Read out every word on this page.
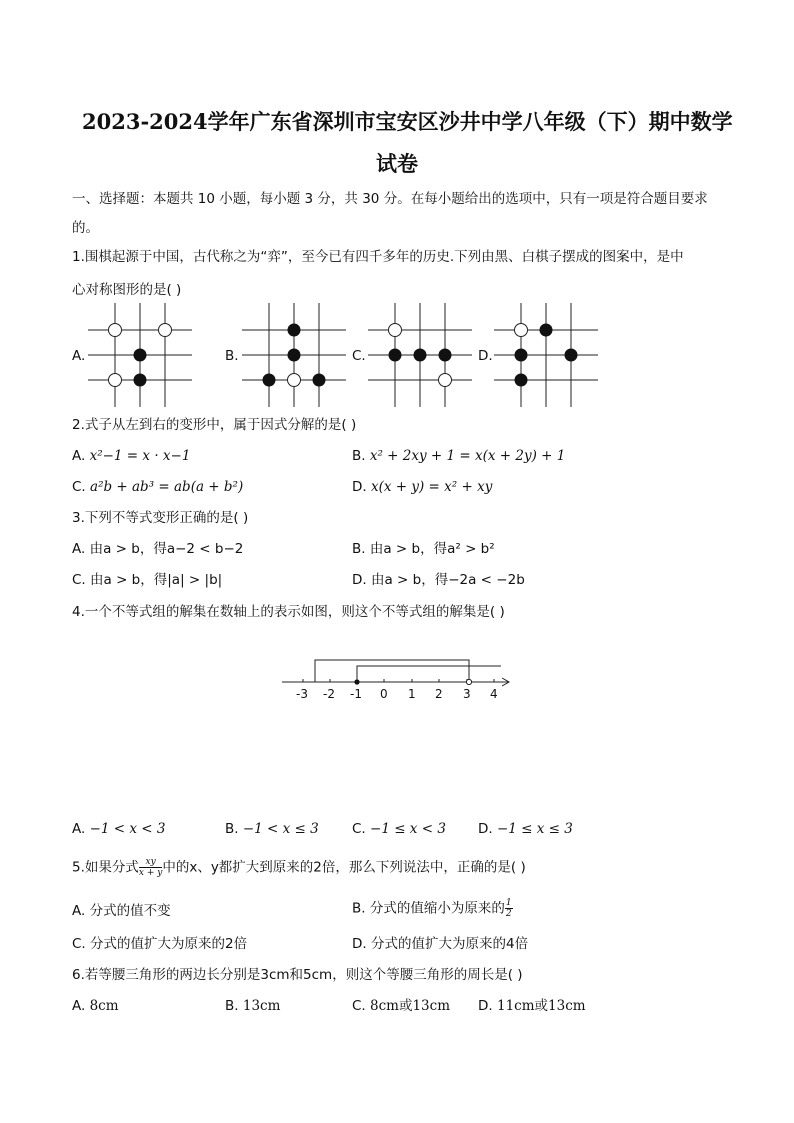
2023-2024学年广东省深圳市宝安区沙井中学八年级（下）期中数学
试卷
一、选择题：本题共 10 小题，每小题 3 分，共 30 分。在每小题给出的选项中，只有一项是符合题目要求
的。
1.围棋起源于中国，古代称之为“弈”，至今已有四千多年的历史.下列由黑、白棋子摆成的图案中，是中
心对称图形的是( )
A.	B.	C.	D.
2.式子从左到右的变形中，属于因式分解的是( )
A. x²−1 = x · x−1	B. x² + 2xy + 1 = x(x + 2y) + 1
C. a²b + ab³ = ab(a + b²)	D. x(x + y) = x² + xy
3.下列不等式变形正确的是( )
A. 由a > b，得a−2 < b−2	B. 由a > b，得a² > b²
C. 由a > b，得|a| > |b|	D. 由a > b，得−2a < −2b
4.一个不等式组的解集在数轴上的表示如图，则这个不等式组的解集是( )
-3 -2 -1 0 1 2 3 4
A. −1 < x < 3	B. −1 < x ≤ 3 C. −1 ≤ x < 3 D. −1 ≤ x ≤ 3
5.如果分式 $\frac{xy}{x + y}$ 中的x、y都扩大到原来的2倍，那么下列说法中，正确的是( )
A. 分式的值不变	B. 分式的值缩小为原来的 $\frac{1}{2}$
C. 分式的值扩大为原来的2倍	D. 分式的值扩大为原来的4倍
6.若等腰三角形的两边长分别是3cm和5cm，则这个等腰三角形的周长是( )
A. 8cm	B. 13cm	C. 8cm或13cm D. 11cm或13cm
